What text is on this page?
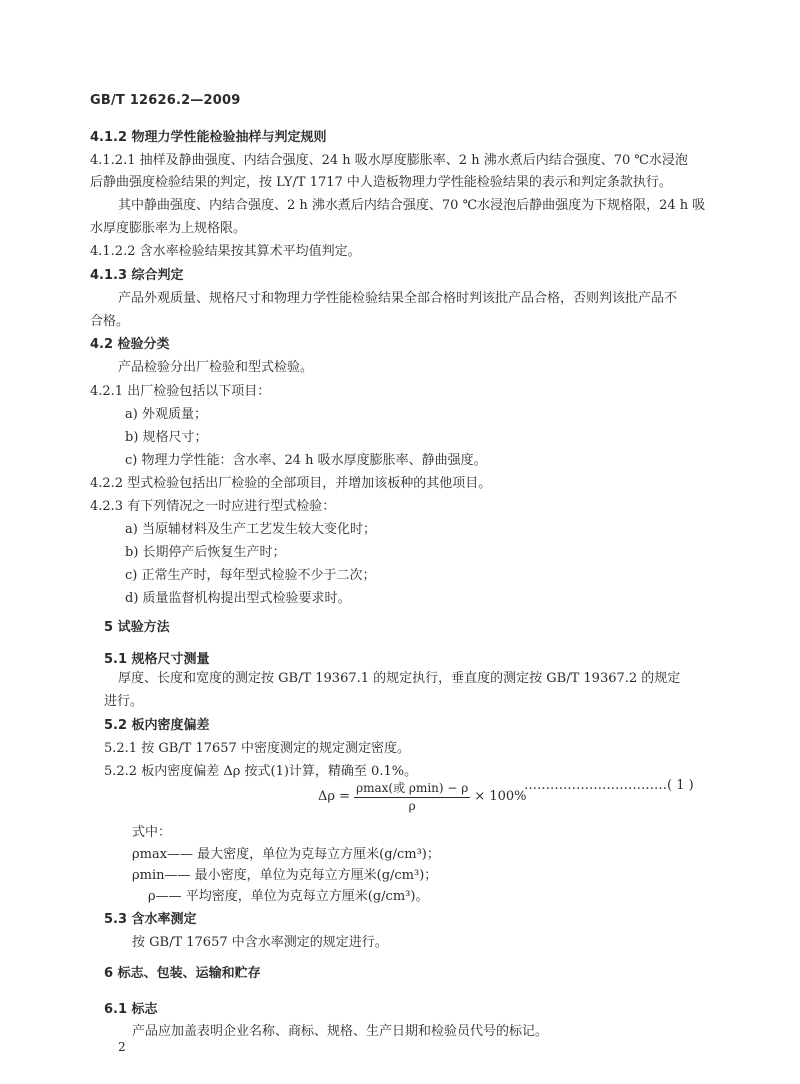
GB/T 12626.2—2009
4.1.2 物理力学性能检验抽样与判定规则
4.1.2.1 抽样及静曲强度、内结合强度、24 h 吸水厚度膨胀率、2 h 沸水煮后内结合强度、70 ℃水浸泡
后静曲强度检验结果的判定，按 LY/T 1717 中人造板物理力学性能检验结果的表示和判定条款执行。
其中静曲强度、内结合强度、2 h 沸水煮后内结合强度、70 ℃水浸泡后静曲强度为下规格限，24 h 吸
水厚度膨胀率为上规格限。
4.1.2.2 含水率检验结果按其算术平均值判定。
4.1.3 综合判定
产品外观质量、规格尺寸和物理力学性能检验结果全部合格时判该批产品合格，否则判该批产品不
合格。
4.2 检验分类
产品检验分出厂检验和型式检验。
4.2.1 出厂检验包括以下项目：
a) 外观质量；
b) 规格尺寸；
c) 物理力学性能：含水率、24 h 吸水厚度膨胀率、静曲强度。
4.2.2 型式检验包括出厂检验的全部项目，并增加该板种的其他项目。
4.2.3 有下列情况之一时应进行型式检验：
a) 当原辅材料及生产工艺发生较大变化时；
b) 长期停产后恢复生产时；
c) 正常生产时，每年型式检验不少于二次；
d) 质量监督机构提出型式检验要求时。
5 试验方法
5.1 规格尺寸测量
厚度、长度和宽度的测定按 GB/T 19367.1 的规定执行，垂直度的测定按 GB/T 19367.2 的规定
进行。
5.2 板内密度偏差
5.2.1 按 GB/T 17657 中密度测定的规定测定密度。
5.2.2 板内密度偏差 Δρ 按式(1)计算，精确至 0.1%。
式中：
ρmax—— 最大密度，单位为克每立方厘米(g/cm³)；
ρmin—— 最小密度，单位为克每立方厘米(g/cm³)；
ρ—— 平均密度，单位为克每立方厘米(g/cm³)。
5.3 含水率测定
按 GB/T 17657 中含水率测定的规定进行。
6 标志、包装、运输和贮存
6.1 标志
产品应加盖表明企业名称、商标、规格、生产日期和检验员代号的标记。
$\Delta\rho = \frac{\text{ρmax(或 ρmin) − ρ}}{\rho} \times 100\%$
……………………………( 1 )
2
